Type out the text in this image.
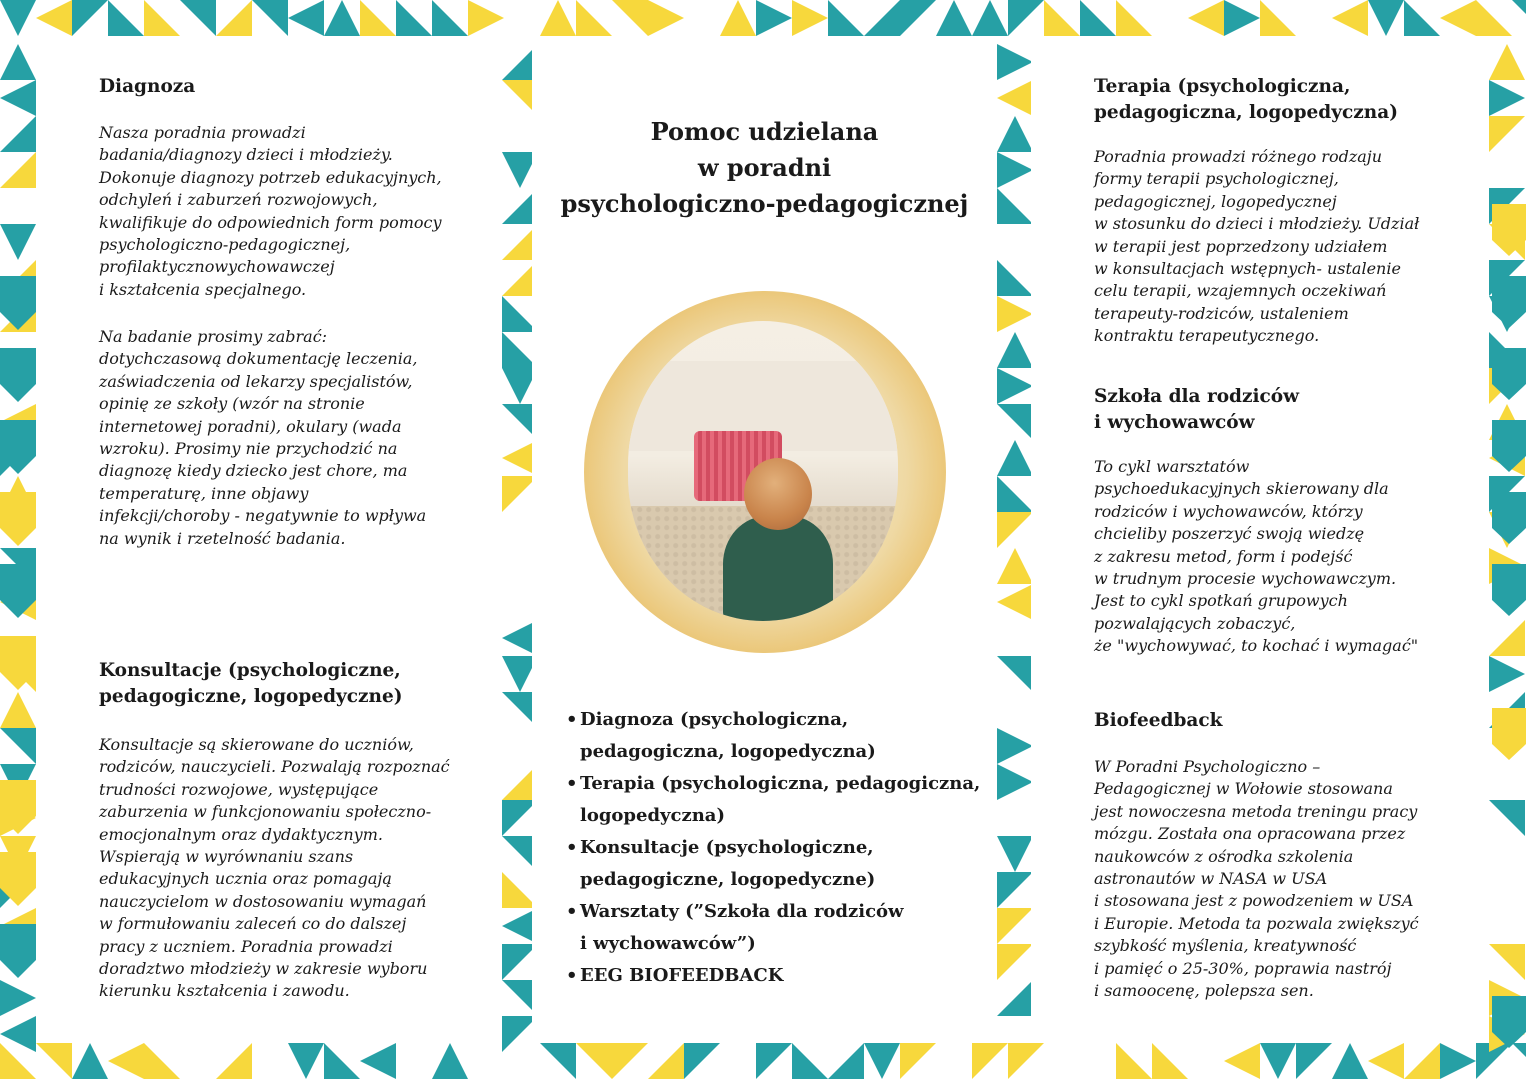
Diagnoza

Nasza poradnia prowadzi
badania/diagnozy dzieci i młodzieży.
Dokonuje diagnozy potrzeb edukacyjnych,
odchyleń i zaburzeń rozwojowych,
kwalifikuje do odpowiednich form pomocy
psychologiczno-pedagogicznej,
profilaktycznowychowawczej
i kształcenia specjalnego.

Na badanie prosimy zabrać:
dotychczasową dokumentację leczenia,
zaświadczenia od lekarzy specjalistów,
opinię ze szkoły (wzór na stronie
internetowej poradni), okulary (wada
wzroku). Prosimy nie przychodzić na
diagnozę kiedy dziecko jest chore, ma
temperaturę, inne objawy
infekcji/choroby - negatywnie to wpływa
na wynik i rzetelność badania.

Konsultacje (psychologiczne,
pedagogiczne, logopedyczne)

Konsultacje są skierowane do uczniów,
rodziców, nauczycieli. Pozwalają rozpoznać
trudności rozwojowe, występujące
zaburzenia w funkcjonowaniu społeczno-
emocjonalnym oraz dydaktycznym.
Wspierają w wyrównaniu szans
edukacyjnych ucznia oraz pomagają
nauczycielom w dostosowaniu wymagań
w formułowaniu zaleceń co do dalszej
pracy z uczniem. Poradnia prowadzi
doradztwo młodzieży w zakresie wyboru
kierunku kształcenia i zawodu.

Pomoc udzielana
w poradni
psychologiczno-pedagogicznej
• Diagnoza (psychologiczna,
pedagogiczna, logopedyczna)
• Terapia (psychologiczna, pedagogiczna,
logopedyczna)
• Konsultacje (psychologiczne,
pedagogiczne, logopedyczne)
• Warsztaty (”Szkoła dla rodziców
i wychowawców”)
• EEG BIOFEEDBACK
Terapia (psychologiczna,
pedagogiczna, logopedyczna)

Poradnia prowadzi różnego rodzaju
formy terapii psychologicznej,
pedagogicznej, logopedycznej
w stosunku do dzieci i młodzieży. Udział
w terapii jest poprzedzony udziałem
w konsultacjach wstępnych- ustalenie
celu terapii, wzajemnych oczekiwań
terapeuty-rodziców, ustaleniem
kontraktu terapeutycznego.

Szkoła dla rodziców
i wychowawców

To cykl warsztatów
psychoedukacyjnych skierowany dla
rodziców i wychowawców, którzy
chcieliby poszerzyć swoją wiedzę
z zakresu metod, form i podejść
w trudnym procesie wychowawczym.
Jest to cykl spotkań grupowych
pozwalających zobaczyć,
że "wychowywać, to kochać i wymagać"

Biofeedback

W Poradni Psychologiczno –
Pedagogicznej w Wołowie stosowana
jest nowoczesna metoda treningu pracy
mózgu. Została ona opracowana przez
naukowców z ośrodka szkolenia
astronautów w NASA w USA
i stosowana jest z powodzeniem w USA
i Europie. Metoda ta pozwala zwiększyć
szybkość myślenia, kreatywność
i pamięć o 25-30%, poprawia nastrój
i samoocenę, polepsza sen.
